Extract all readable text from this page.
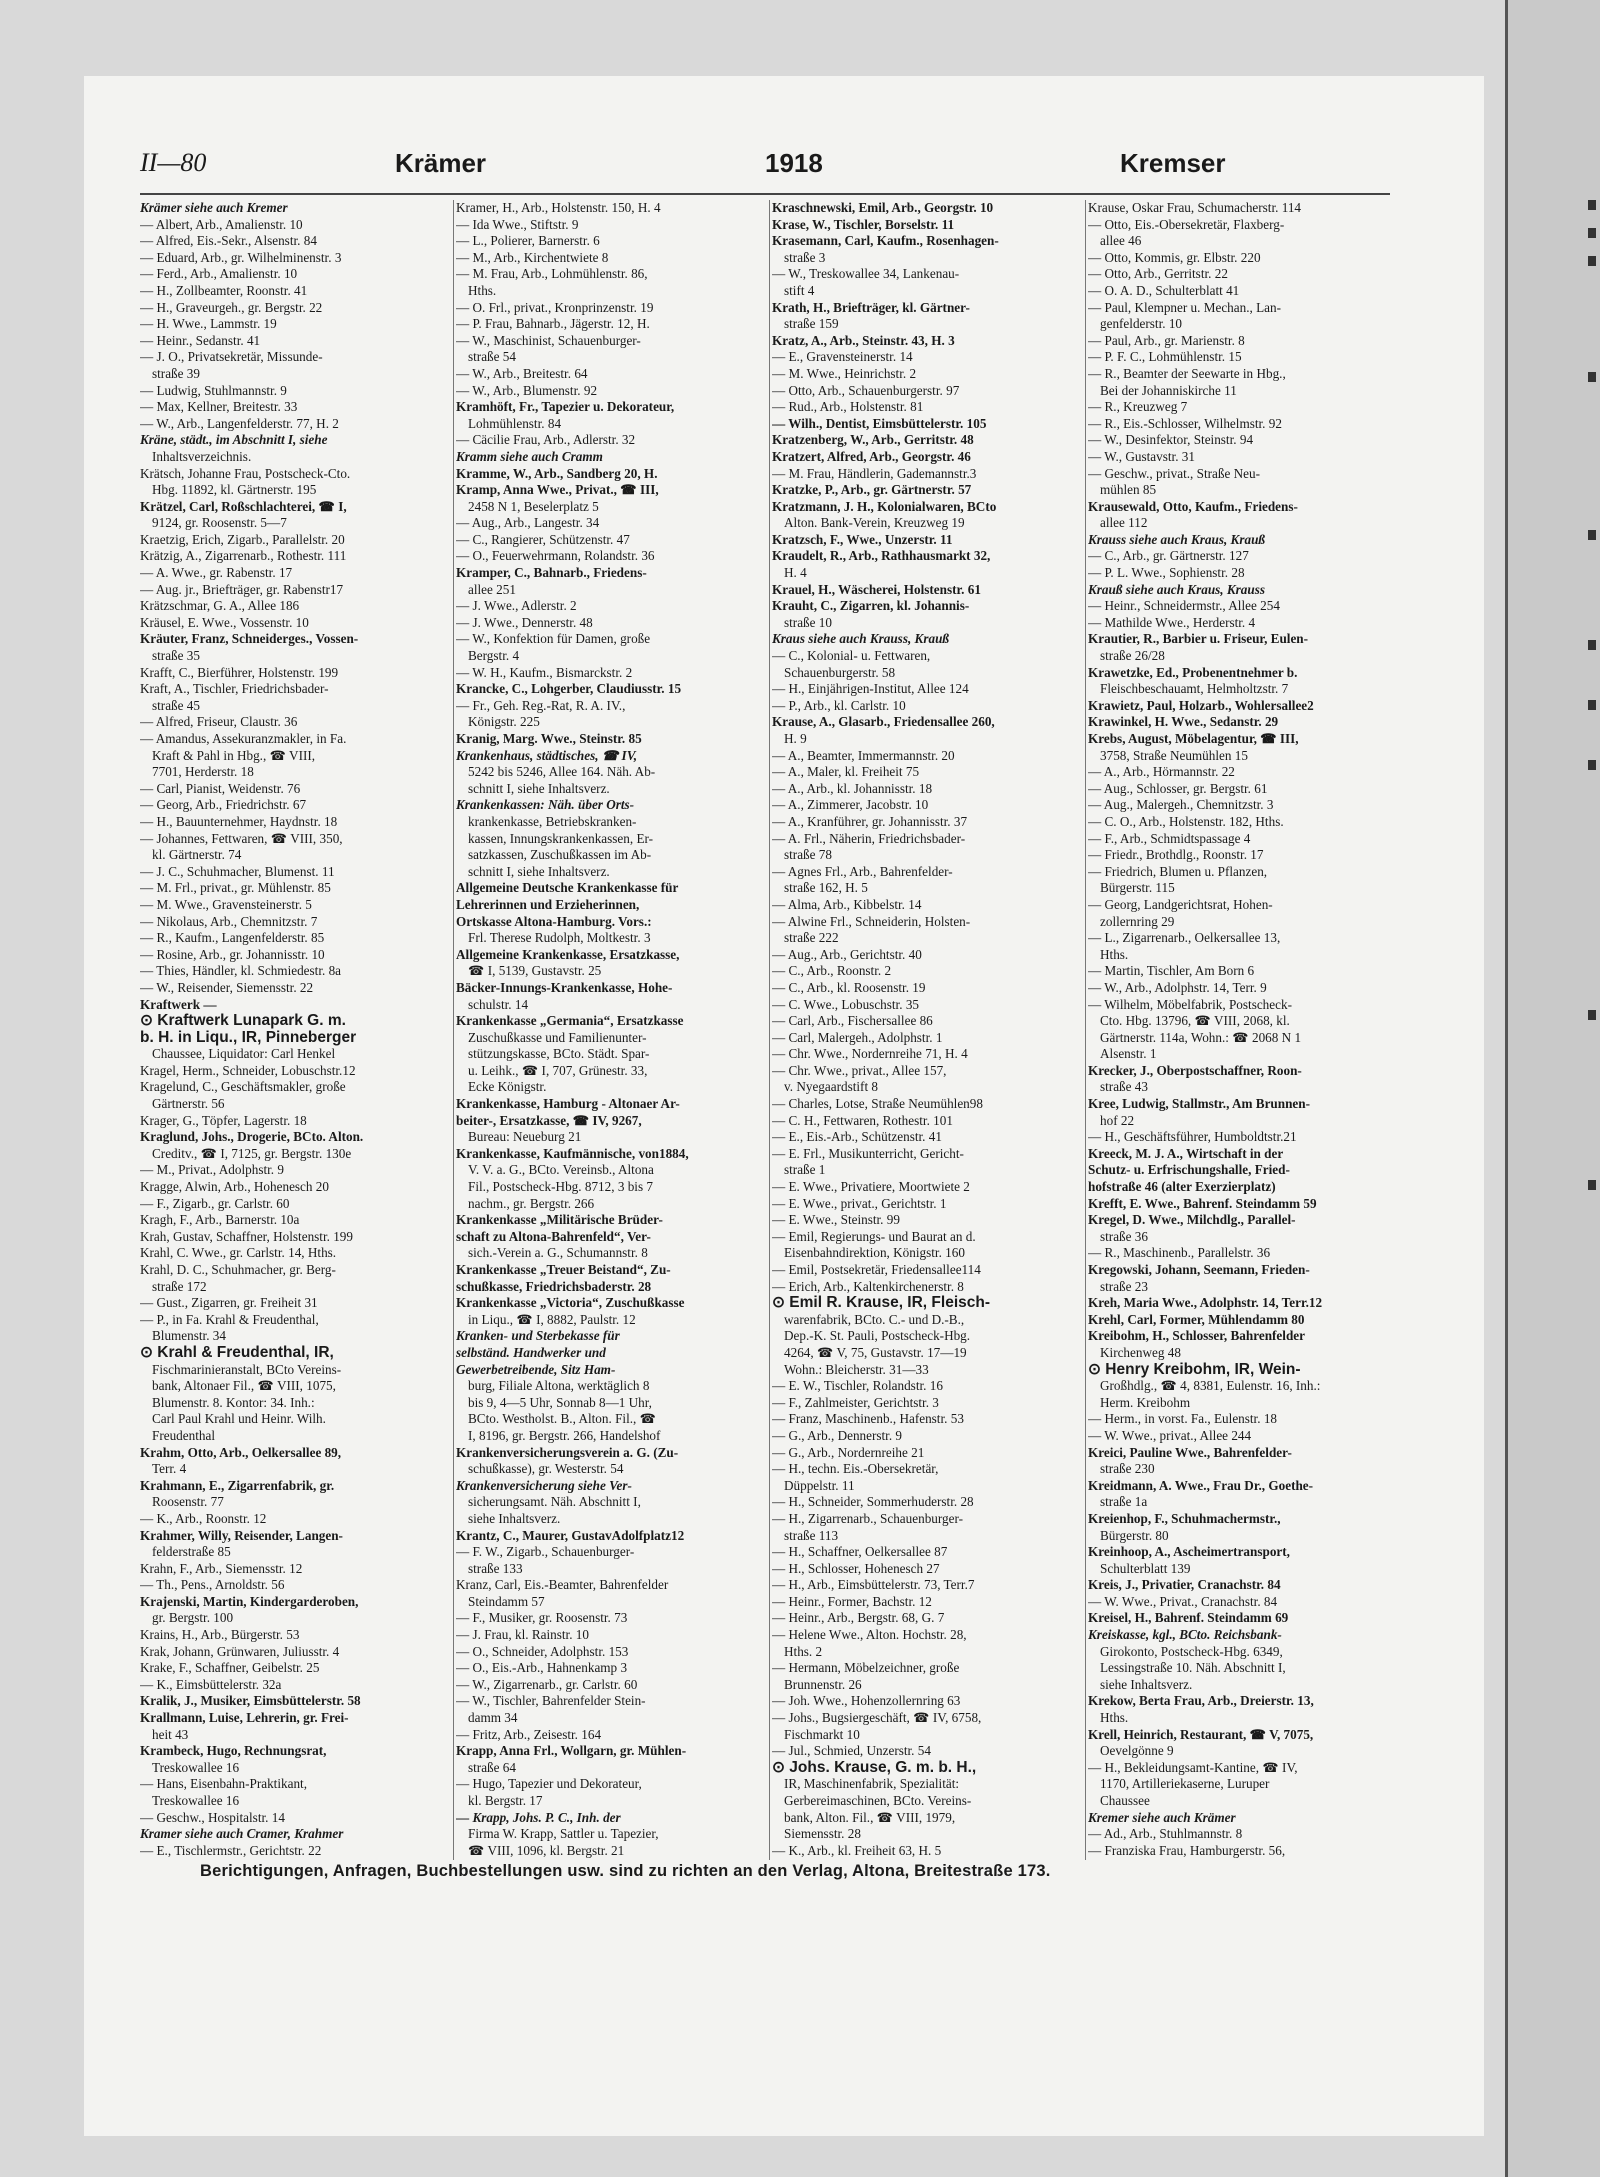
II—80	Krämer	1918	Kremser
Krämer siehe auch Kremer
— Albert, Arb., Amalienstr. 10
— Alfred, Eis.-Sekr., Alsenstr. 84
— Eduard, Arb., gr. Wilhelminenstr. 3
— Ferd., Arb., Amalienstr. 10
— H., Zollbeamter, Roonstr. 41
— H., Graveurgeh., gr. Bergstr. 22
— H. Wwe., Lammstr. 19
— Heinr., Sedanstr. 41
— J. O., Privatsekretär, Missunde-
straße 39
— Ludwig, Stuhlmannstr. 9
— Max, Kellner, Breitestr. 33
— W., Arb., Langenfelderstr. 77, H. 2
Kräne, städt., im Abschnitt I, siehe
Inhaltsverzeichnis.
Krätsch, Johanne Frau, Postscheck-Cto.
Hbg. 11892, kl. Gärtnerstr. 195
Krätzel, Carl, Roßschlachterei, ☎ I,
9124, gr. Roosenstr. 5—7
Kraetzig, Erich, Zigarb., Parallelstr. 20
Krätzig, A., Zigarrenarb., Rothestr. 111
— A. Wwe., gr. Rabenstr. 17
— Aug. jr., Briefträger, gr. Rabenstr17
Krätzschmar, G. A., Allee 186
Kräusel, E. Wwe., Vossenstr. 10
Kräuter, Franz, Schneiderges., Vossen-
straße 35
Krafft, C., Bierführer, Holstenstr. 199
Kraft, A., Tischler, Friedrichsbader-
straße 45
— Alfred, Friseur, Claustr. 36
— Amandus, Assekuranzmakler, in Fa.
Kraft & Pahl in Hbg., ☎ VIII,
7701, Herderstr. 18
— Carl, Pianist, Weidenstr. 76
— Georg, Arb., Friedrichstr. 67
— H., Bauunternehmer, Haydnstr. 18
— Johannes, Fettwaren, ☎ VIII, 350,
kl. Gärtnerstr. 74
— J. C., Schuhmacher, Blumenst. 11
— M. Frl., privat., gr. Mühlenstr. 85
— M. Wwe., Gravensteinerstr. 5
— Nikolaus, Arb., Chemnitzstr. 7
— R., Kaufm., Langenfelderstr. 85
— Rosine, Arb., gr. Johannisstr. 10
— Thies, Händler, kl. Schmiedestr. 8a
— W., Reisender, Siemensstr. 22
Kraftwerk —
⊙ Kraftwerk Lunapark G. m.
b. H. in Liqu., IR, Pinneberger
Chaussee, Liquidator: Carl Henkel
Kragel, Herm., Schneider, Lobuschstr.12
Kragelund, C., Geschäftsmakler, große
Gärtnerstr. 56
Krager, G., Töpfer, Lagerstr. 18
Kraglund, Johs., Drogerie, BCto. Alton.
Creditv., ☎ I, 7125, gr. Bergstr. 130e
— M., Privat., Adolphstr. 9
Kragge, Alwin, Arb., Hohenesch 20
— F., Zigarb., gr. Carlstr. 60
Kragh, F., Arb., Barnerstr. 10a
Krah, Gustav, Schaffner, Holstenstr. 199
Krahl, C. Wwe., gr. Carlstr. 14, Hths.
Krahl, D. C., Schuhmacher, gr. Berg-
straße 172
— Gust., Zigarren, gr. Freiheit 31
— P., in Fa. Krahl & Freudenthal,
Blumenstr. 34
⊙ Krahl & Freudenthal, IR,
Fischmarinieranstalt, BCto Vereins-
bank, Altonaer Fil., ☎ VIII, 1075,
Blumenstr. 8. Kontor: 34. Inh.:
Carl Paul Krahl und Heinr. Wilh.
Freudenthal
Krahm, Otto, Arb., Oelkersallee 89,
Terr. 4
Krahmann, E., Zigarrenfabrik, gr.
Roosenstr. 77
— K., Arb., Roonstr. 12
Krahmer, Willy, Reisender, Langen-
felderstraße 85
Krahn, F., Arb., Siemensstr. 12
— Th., Pens., Arnoldstr. 56
Krajenski, Martin, Kindergarderoben,
gr. Bergstr. 100
Krains, H., Arb., Bürgerstr. 53
Krak, Johann, Grünwaren, Juliusstr. 4
Krake, F., Schaffner, Geibelstr. 25
— K., Eimsbüttelerstr. 32a
Kralik, J., Musiker, Eimsbüttelerstr. 58
Krallmann, Luise, Lehrerin, gr. Frei-
heit 43
Krambeck, Hugo, Rechnungsrat,
Treskowallee 16
— Hans, Eisenbahn-Praktikant,
Treskowallee 16
— Geschw., Hospitalstr. 14
Kramer siehe auch Cramer, Krahmer
— E., Tischlermstr., Gerichtstr. 22
Kramer, H., Arb., Holstenstr. 150, H. 4
— Ida Wwe., Stiftstr. 9
— L., Polierer, Barnerstr. 6
— M., Arb., Kirchentwiete 8
— M. Frau, Arb., Lohmühlenstr. 86,
Hths.
— O. Frl., privat., Kronprinzenstr. 19
— P. Frau, Bahnarb., Jägerstr. 12, H.
— W., Maschinist, Schauenburger-
straße 54
— W., Arb., Breitestr. 64
— W., Arb., Blumenstr. 92
Kramhöft, Fr., Tapezier u. Dekorateur,
Lohmühlenstr. 84
— Cäcilie Frau, Arb., Adlerstr. 32
Kramm siehe auch Cramm
Kramme, W., Arb., Sandberg 20, H.
Kramp, Anna Wwe., Privat., ☎ III,
2458 N 1, Beselerplatz 5
— Aug., Arb., Langestr. 34
— C., Rangierer, Schützenstr. 47
— O., Feuerwehrmann, Rolandstr. 36
Kramper, C., Bahnarb., Friedens-
allee 251
— J. Wwe., Adlerstr. 2
— J. Wwe., Dennerstr. 48
— W., Konfektion für Damen, große
Bergstr. 4
— W. H., Kaufm., Bismarckstr. 2
Krancke, C., Lohgerber, Claudiusstr. 15
— Fr., Geh. Reg.-Rat, R. A. IV.,
Königstr. 225
Kranig, Marg. Wwe., Steinstr. 85
Krankenhaus, städtisches, ☎ IV,
5242 bis 5246, Allee 164. Näh. Ab-
schnitt I, siehe Inhaltsverz.
Krankenkassen: Näh. über Orts-
krankenkasse, Betriebskranken-
kassen, Innungskrankenkassen, Er-
satzkassen, Zuschußkassen im Ab-
schnitt I, siehe Inhaltsverz.
Allgemeine Deutsche Krankenkasse für
Lehrerinnen und Erzieherinnen,
Ortskasse Altona-Hamburg. Vors.:
Frl. Therese Rudolph, Moltkestr. 3
Allgemeine Krankenkasse, Ersatzkasse,
☎ I, 5139, Gustavstr. 25
Bäcker-Innungs-Krankenkasse, Hohe-
schulstr. 14
Krankenkasse „Germania“, Ersatzkasse
Zuschußkasse und Familienunter-
stützungskasse, BCto. Städt. Spar-
u. Leihk., ☎ I, 707, Grünestr. 33,
Ecke Königstr.
Krankenkasse, Hamburg - Altonaer Ar-
beiter-, Ersatzkasse, ☎ IV, 9267,
Bureau: Neueburg 21
Krankenkasse, Kaufmännische, von1884,
V. V. a. G., BCto. Vereinsb., Altona
Fil., Postscheck-Hbg. 8712, 3 bis 7
nachm., gr. Bergstr. 266
Krankenkasse „Militärische Brüder-
schaft zu Altona-Bahrenfeld“, Ver-
sich.-Verein a. G., Schumannstr. 8
Krankenkasse „Treuer Beistand“, Zu-
schußkasse, Friedrichsbaderstr. 28
Krankenkasse „Victoria“, Zuschußkasse
in Liqu., ☎ I, 8882, Paulstr. 12
Kranken- und Sterbekasse für
selbständ. Handwerker und
Gewerbetreibende, Sitz Ham-
burg, Filiale Altona, werktäglich 8
bis 9, 4—5 Uhr, Sonnab 8—1 Uhr,
BCto. Westholst. B., Alton. Fil., ☎
I, 8196, gr. Bergstr. 266, Handelshof
Krankenversicherungsverein a. G. (Zu-
schußkasse), gr. Westerstr. 54
Krankenversicherung siehe Ver-
sicherungsamt. Näh. Abschnitt I,
siehe Inhaltsverz.
Krantz, C., Maurer, GustavAdolfplatz12
— F. W., Zigarb., Schauenburger-
straße 133
Kranz, Carl, Eis.-Beamter, Bahrenfelder
Steindamm 57
— F., Musiker, gr. Roosenstr. 73
— J. Frau, kl. Rainstr. 10
— O., Schneider, Adolphstr. 153
— O., Eis.-Arb., Hahnenkamp 3
— W., Zigarrenarb., gr. Carlstr. 60
— W., Tischler, Bahrenfelder Stein-
damm 34
— Fritz, Arb., Zeisestr. 164
Krapp, Anna Frl., Wollgarn, gr. Mühlen-
straße 64
— Hugo, Tapezier und Dekorateur,
kl. Bergstr. 17
— Krapp, Johs. P. C., Inh. der
Firma W. Krapp, Sattler u. Tapezier,
☎ VIII, 1096, kl. Bergstr. 21
Kraschnewski, Emil, Arb., Georgstr. 10
Krase, W., Tischler, Borselstr. 11
Krasemann, Carl, Kaufm., Rosenhagen-
straße 3
— W., Treskowallee 34, Lankenau-
stift 4
Krath, H., Briefträger, kl. Gärtner-
straße 159
Kratz, A., Arb., Steinstr. 43, H. 3
— E., Gravensteinerstr. 14
— M. Wwe., Heinrichstr. 2
— Otto, Arb., Schauenburgerstr. 97
— Rud., Arb., Holstenstr. 81
— Wilh., Dentist, Eimsbüttelerstr. 105
Kratzenberg, W., Arb., Gerritstr. 48
Kratzert, Alfred, Arb., Georgstr. 46
— M. Frau, Händlerin, Gademannstr.3
Kratzke, P., Arb., gr. Gärtnerstr. 57
Kratzmann, J. H., Kolonialwaren, BCto
Alton. Bank-Verein, Kreuzweg 19
Kratzsch, F., Wwe., Unzerstr. 11
Kraudelt, R., Arb., Rathhausmarkt 32,
H. 4
Krauel, H., Wäscherei, Holstenstr. 61
Krauht, C., Zigarren, kl. Johannis-
straße 10
Kraus siehe auch Krauss, Krauß
— C., Kolonial- u. Fettwaren,
Schauenburgerstr. 58
— H., Einjährigen-Institut, Allee 124
— P., Arb., kl. Carlstr. 10
Krause, A., Glasarb., Friedensallee 260,
H. 9
— A., Beamter, Immermannstr. 20
— A., Maler, kl. Freiheit 75
— A., Arb., kl. Johannisstr. 18
— A., Zimmerer, Jacobstr. 10
— A., Kranführer, gr. Johannisstr. 37
— A. Frl., Näherin, Friedrichsbader-
straße 78
— Agnes Frl., Arb., Bahrenfelder-
straße 162, H. 5
— Alma, Arb., Kibbelstr. 14
— Alwine Frl., Schneiderin, Holsten-
straße 222
— Aug., Arb., Gerichtstr. 40
— C., Arb., Roonstr. 2
— C., Arb., kl. Roosenstr. 19
— C. Wwe., Lobuschstr. 35
— Carl, Arb., Fischersallee 86
— Carl, Malergeh., Adolphstr. 1
— Chr. Wwe., Nordernreihe 71, H. 4
— Chr. Wwe., privat., Allee 157,
v. Nyegaardstift 8
— Charles, Lotse, Straße Neumühlen98
— C. H., Fettwaren, Rothestr. 101
— E., Eis.-Arb., Schützenstr. 41
— E. Frl., Musikunterricht, Gericht-
straße 1
— E. Wwe., Privatiere, Moortwiete 2
— E. Wwe., privat., Gerichtstr. 1
— E. Wwe., Steinstr. 99
— Emil, Regierungs- und Baurat an d.
Eisenbahndirektion, Königstr. 160
— Emil, Postsekretär, Friedensallee114
— Erich, Arb., Kaltenkirchenerstr. 8
⊙ Emil R. Krause, IR, Fleisch-
warenfabrik, BCto. C.- und D.-B.,
Dep.-K. St. Pauli, Postscheck-Hbg.
4264, ☎ V, 75, Gustavstr. 17—19
Wohn.: Bleicherstr. 31—33
— E. W., Tischler, Rolandstr. 16
— F., Zahlmeister, Gerichtstr. 3
— Franz, Maschinenb., Hafenstr. 53
— G., Arb., Dennerstr. 9
— G., Arb., Nordernreihe 21
— H., techn. Eis.-Obersekretär,
Düppelstr. 11
— H., Schneider, Sommerhuderstr. 28
— H., Zigarrenarb., Schauenburger-
straße 113
— H., Schaffner, Oelkersallee 87
— H., Schlosser, Hohenesch 27
— H., Arb., Eimsbüttelerstr. 73, Terr.7
— Heinr., Former, Bachstr. 12
— Heinr., Arb., Bergstr. 68, G. 7
— Helene Wwe., Alton. Hochstr. 28,
Hths. 2
— Hermann, Möbelzeichner, große
Brunnenstr. 26
— Joh. Wwe., Hohenzollernring 63
— Johs., Bugsiergeschäft, ☎ IV, 6758,
Fischmarkt 10
— Jul., Schmied, Unzerstr. 54
⊙ Johs. Krause, G. m. b. H.,
IR, Maschinenfabrik, Spezialität:
Gerbereimaschinen, BCto. Vereins-
bank, Alton. Fil., ☎ VIII, 1979,
Siemensstr. 28
— K., Arb., kl. Freiheit 63, H. 5
Krause, Oskar Frau, Schumacherstr. 114
— Otto, Eis.-Obersekretär, Flaxberg-
allee 46
— Otto, Kommis, gr. Elbstr. 220
— Otto, Arb., Gerritstr. 22
— O. A. D., Schulterblatt 41
— Paul, Klempner u. Mechan., Lan-
genfelderstr. 10
— Paul, Arb., gr. Marienstr. 8
— P. F. C., Lohmühlenstr. 15
— R., Beamter der Seewarte in Hbg.,
Bei der Johanniskirche 11
— R., Kreuzweg 7
— R., Eis.-Schlosser, Wilhelmstr. 92
— W., Desinfektor, Steinstr. 94
— W., Gustavstr. 31
— Geschw., privat., Straße Neu-
mühlen 85
Krausewald, Otto, Kaufm., Friedens-
allee 112
Krauss siehe auch Kraus, Krauß
— C., Arb., gr. Gärtnerstr. 127
— P. L. Wwe., Sophienstr. 28
Krauß siehe auch Kraus, Krauss
— Heinr., Schneidermstr., Allee 254
— Mathilde Wwe., Herderstr. 4
Krautier, R., Barbier u. Friseur, Eulen-
straße 26/28
Krawetzke, Ed., Probenentnehmer b.
Fleischbeschauamt, Helmholtzstr. 7
Krawietz, Paul, Holzarb., Wohlersallee2
Krawinkel, H. Wwe., Sedanstr. 29
Krebs, August, Möbelagentur, ☎ III,
3758, Straße Neumühlen 15
— A., Arb., Hörmannstr. 22
— Aug., Schlosser, gr. Bergstr. 61
— Aug., Malergeh., Chemnitzstr. 3
— C. O., Arb., Holstenstr. 182, Hths.
— F., Arb., Schmidtspassage 4
— Friedr., Brothdlg., Roonstr. 17
— Friedrich, Blumen u. Pflanzen,
Bürgerstr. 115
— Georg, Landgerichtsrat, Hohen-
zollernring 29
— L., Zigarrenarb., Oelkersallee 13,
Hths.
— Martin, Tischler, Am Born 6
— W., Arb., Adolphstr. 14, Terr. 9
— Wilhelm, Möbelfabrik, Postscheck-
Cto. Hbg. 13796, ☎ VIII, 2068, kl.
Gärtnerstr. 114a, Wohn.: ☎ 2068 N 1
Alsenstr. 1
Krecker, J., Oberpostschaffner, Roon-
straße 43
Kree, Ludwig, Stallmstr., Am Brunnen-
hof 22
— H., Geschäftsführer, Humboldtstr.21
Kreeck, M. J. A., Wirtschaft in der
Schutz- u. Erfrischungshalle, Fried-
hofstraße 46 (alter Exerzierplatz)
Krefft, E. Wwe., Bahrenf. Steindamm 59
Kregel, D. Wwe., Milchdlg., Parallel-
straße 36
— R., Maschinenb., Parallelstr. 36
Kregowski, Johann, Seemann, Frieden-
straße 23
Kreh, Maria Wwe., Adolphstr. 14, Terr.12
Krehl, Carl, Former, Mühlendamm 80
Kreibohm, H., Schlosser, Bahrenfelder
Kirchenweg 48
⊙ Henry Kreibohm, IR, Wein-
Großhdlg., ☎ 4, 8381, Eulenstr. 16, Inh.:
Herm. Kreibohm
— Herm., in vorst. Fa., Eulenstr. 18
— W. Wwe., privat., Allee 244
Kreici, Pauline Wwe., Bahrenfelder-
straße 230
Kreidmann, A. Wwe., Frau Dr., Goethe-
straße 1a
Kreienhop, F., Schuhmachermstr.,
Bürgerstr. 80
Kreinhoop, A., Ascheimertransport,
Schulterblatt 139
Kreis, J., Privatier, Cranachstr. 84
— W. Wwe., Privat., Cranachstr. 84
Kreisel, H., Bahrenf. Steindamm 69
Kreiskasse, kgl., BCto. Reichsbank-
Girokonto, Postscheck-Hbg. 6349,
Lessingstraße 10. Näh. Abschnitt I,
siehe Inhaltsverz.
Krekow, Berta Frau, Arb., Dreierstr. 13,
Hths.
Krell, Heinrich, Restaurant, ☎ V, 7075,
Oevelgönne 9
— H., Bekleidungsamt-Kantine, ☎ IV,
1170, Artilleriekaserne, Luruper
Chaussee
Kremer siehe auch Krämer
— Ad., Arb., Stuhlmannstr. 8
— Franziska Frau, Hamburgerstr. 56,
Berichtigungen, Anfragen, Buchbestellungen usw. sind zu richten an den Verlag, Altona, Breitestraße 173.
